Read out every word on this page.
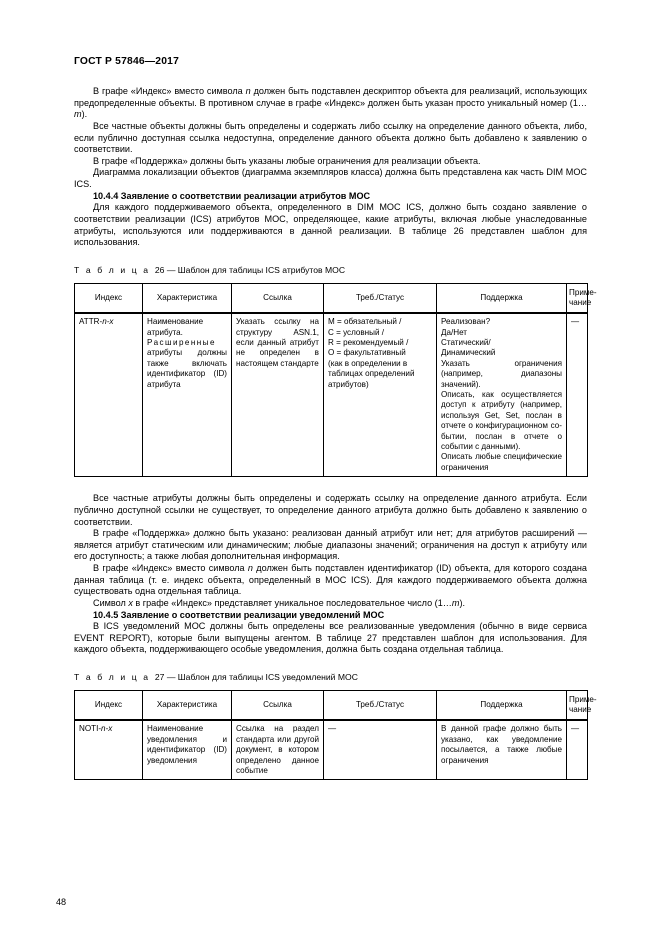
ГОСТ Р 57846—2017

В графе «Индекс» вместо символа n должен быть подставлен дескриптор объекта для реализаций, использующих предопределенные объекты. В противном случае в графе «Индекс» должен быть указан просто уникальный номер (1…m).

Все частные объекты должны быть определены и содержать либо ссылку на определение данного объекта, либо, если публично доступная ссылка недоступна, определение данного объекта должно быть добавлено к заявлению о соответствии.

В графе «Поддержка» должны быть указаны любые ограничения для реализации объекта.

Диаграмма локализации объектов (диаграмма экземпляров класса) должна быть представлена как часть DIM MOC ICS.

10.4.4 Заявление о соответствии реализации атрибутов МОС

Для каждого поддерживаемого объекта, определенного в DIM MOC ICS, должно быть создано заявление о соответствии реализации (ICS) атрибутов МОС, определяющее, какие атрибуты, включая любые унаследованные атрибуты, используются или поддерживаются в данной реализации. В таблице 26 представлен шаблон для использования.

Т а б л и ц а 26 — Шаблон для таблицы ICS атрибутов МОС

Индекс	Характеристика	Ссылка	Треб./Статус	Поддержка	Приме-
чание
ATTR-n-x	Наименование атрибута.
Расширенные атрибуты должны также включать идентификатор (ID) атрибута	Указать ссылку на структуру ASN.1, если данный атрибут не определен в настоящем стандарте	M = обязательный /
C = условный /
R = рекомендуемый /
O = факультативный
(как в определении в таблицах определений атрибутов)	Реализован?
Да/Нет
Статический/
Динамический
Указать ограничения (например, диапазоны значений).
Описать, как осуществляется доступ к атрибуту (например, используя Get, Set, послан в отчете о конфигурационном событии, послан в отчете о событии с данными).
Описать любые специфические ограничения	—

Все частные атрибуты должны быть определены и содержать ссылку на определение данного атрибута. Если публично доступной ссылки не существует, то определение данного атрибута должно быть добавлено к заявлению о соответствии.

В графе «Поддержка» должно быть указано: реализован данный атрибут или нет; для атрибутов расширений — является атрибут статическим или динамическим; любые диапазоны значений; ограничения на доступ к атрибуту или его доступность; а также любая дополнительная информация.

В графе «Индекс» вместо символа n должен быть подставлен идентификатор (ID) объекта, для которого создана данная таблица (т. е. индекс объекта, определенный в MOC ICS). Для каждого поддерживаемого объекта должна существовать одна отдельная таблица.

Символ x в графе «Индекс» представляет уникальное последовательное число (1…m).

10.4.5 Заявление о соответствии реализации уведомлений МОС

В ICS уведомлений МОС должны быть определены все реализованные уведомления (обычно в виде сервиса EVENT REPORT), которые были выпущены агентом. В таблице 27 представлен шаблон для использования. Для каждого объекта, поддерживающего особые уведомления, должна быть создана отдельная таблица.

Т а б л и ц а 27 — Шаблон для таблицы ICS уведомлений МОС

Индекс	Характеристика	Ссылка	Треб./Статус	Поддержка	Приме-
чание
NOTI-n-x	Наименование уведомления и идентификатор (ID) уведомления	Ссылка на раздел стандарта или другой документ, в котором определено данное событие	—	В данной графе должно быть указано, как уведомление посылается, а также любые ограничения	—
48
